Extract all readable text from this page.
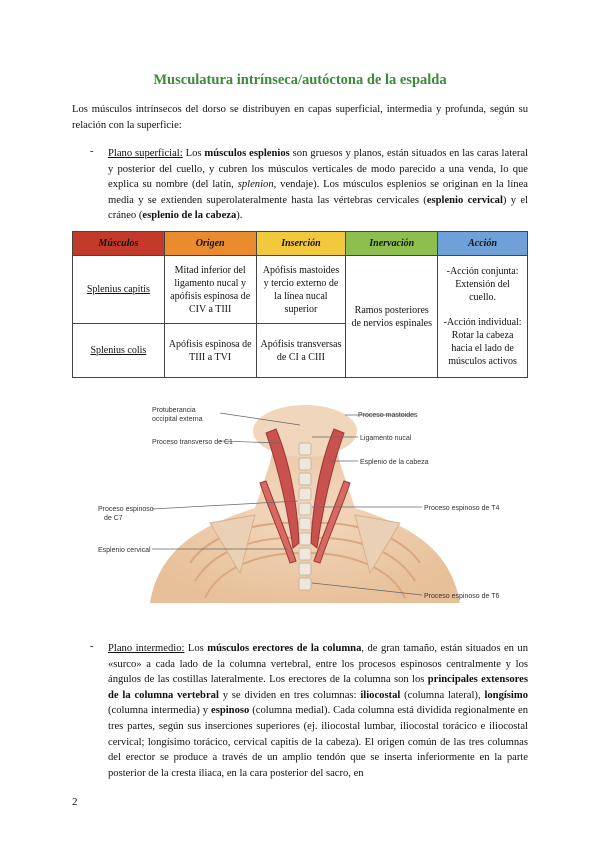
Musculatura intrínseca/autóctona de la espalda
Los músculos intrínsecos del dorso se distribuyen en capas superficial, intermedia y profunda, según su relación con la superficie:
- Plano superficial: Los músculos esplenios son gruesos y planos, están situados en las caras lateral y posterior del cuello, y cubren los músculos verticales de modo parecido a una venda, lo que explica su nombre (del latín, splenion, vendaje). Los músculos esplenios se originan en la línea media y se extienden superolateralmente hasta las vértebras cervicales (esplenio cervical) y el cráneo (esplenio de la cabeza).
Músculos	Origen	Inserción	Inervación	Acción
Splenius capitis	Mitad inferior del ligamento nucal y apófisis espinosa de CIV a TIII	Apófisis mastoides y tercio externo de la línea nucal superior	Ramos posteriores de nervios espinales	-Acción conjunta: Extensión del cuello.
-Acción individual: Rotar la cabeza hacia el lado de músculos activos

Splenius colis	Apófisis espinosa de TIII a TVI	Apófisis transversas de CI a CIII		
Protuberancia
occipital externa
Proceso transverso de C1
Proceso mastoides
Ligamento nucal
Esplenio de la cabeza
Proceso espinoso
de C7
Esplenio cervical
Proceso espinoso de T4
Proceso espinoso de T6
- Plano intermedio: Los músculos erectores de la columna, de gran tamaño, están situados en un «surco» a cada lado de la columna vertebral, entre los procesos espinosos centralmente y los ángulos de las costillas lateralmente. Los erectores de la columna son los principales extensores de la columna vertebral y se dividen en tres columnas: iliocostal (columna lateral), longísimo (columna intermedia) y espinoso (columna medial). Cada columna está dividida regionalmente en tres partes, según sus inserciones superiores (ej. iliocostal lumbar, iliocostal torácico e iliocostal cervical; longísimo torácico, cervical capitis de la cabeza). El origen común de las tres columnas del erector se produce a través de un amplio tendón que se inserta inferiormente en la parte posterior de la cresta iliaca, en la cara posterior del sacro, en
2
